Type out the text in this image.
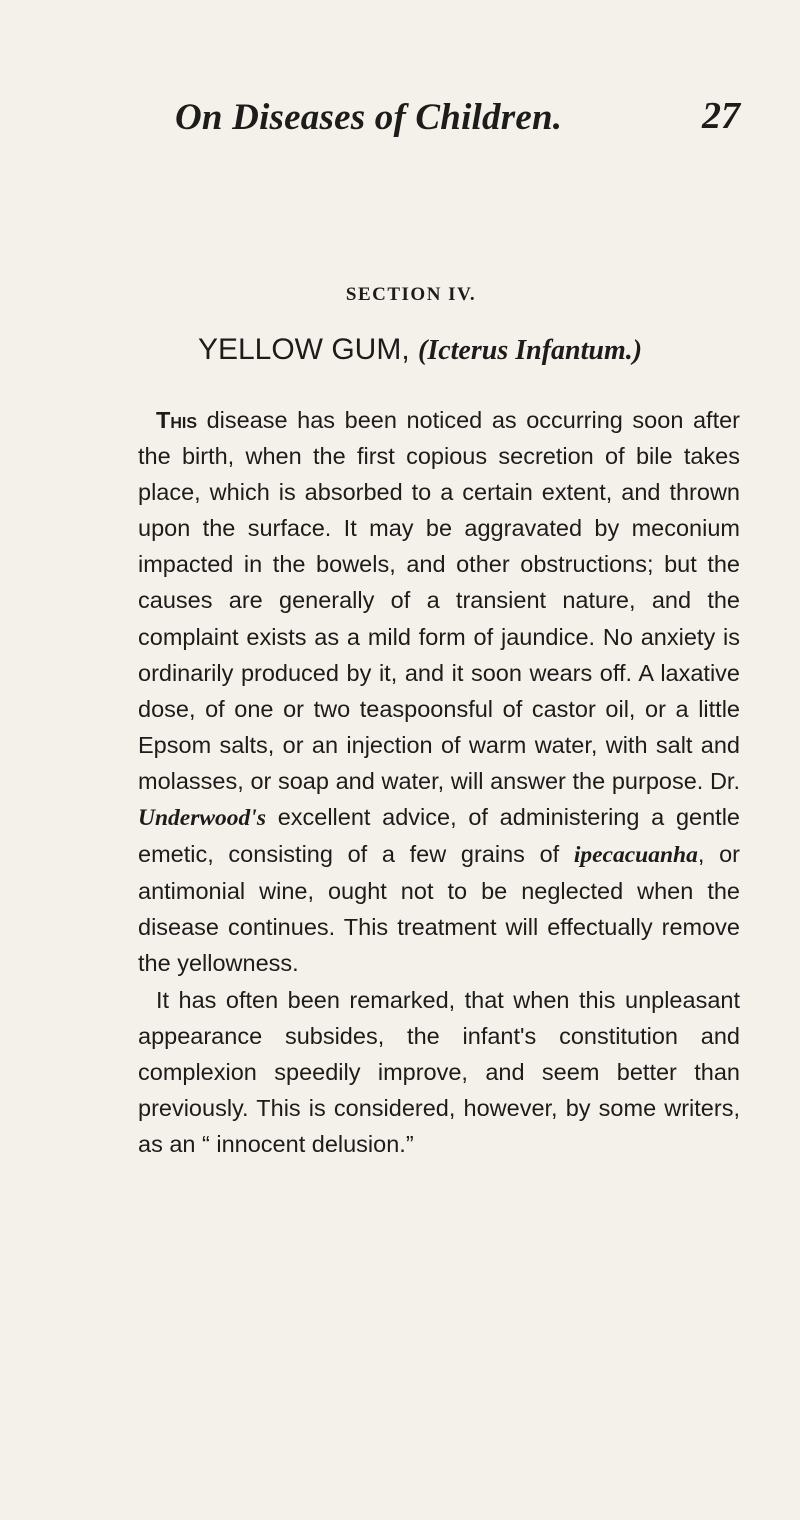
On Diseases of Children.	27
SECTION IV.
YELLOW GUM, (Icterus Infantum.)

This disease has been noticed as occurring soon after the birth, when the first copious secretion of bile takes place, which is absorbed to a certain extent, and thrown upon the surface. It may be aggravated by meconium impacted in the bowels, and other obstructions; but the causes are generally of a transient nature, and the complaint exists as a mild form of jaundice. No anxiety is ordinarily produced by it, and it soon wears off. A laxative dose, of one or two teaspoonsful of castor oil, or a little Epsom salts, or an injection of warm water, with salt and molasses, or soap and water, will answer the purpose. Dr. Underwood's excellent advice, of administering a gentle emetic, consisting of a few grains of ipecacuanha, or antimonial wine, ought not to be neglected when the disease continues. This treatment will effectually remove the yellowness.

It has often been remarked, that when this unpleasant appearance subsides, the infant's constitution and complexion speedily improve, and seem better than previously. This is considered, however, by some writers, as an “ innocent delusion.”
